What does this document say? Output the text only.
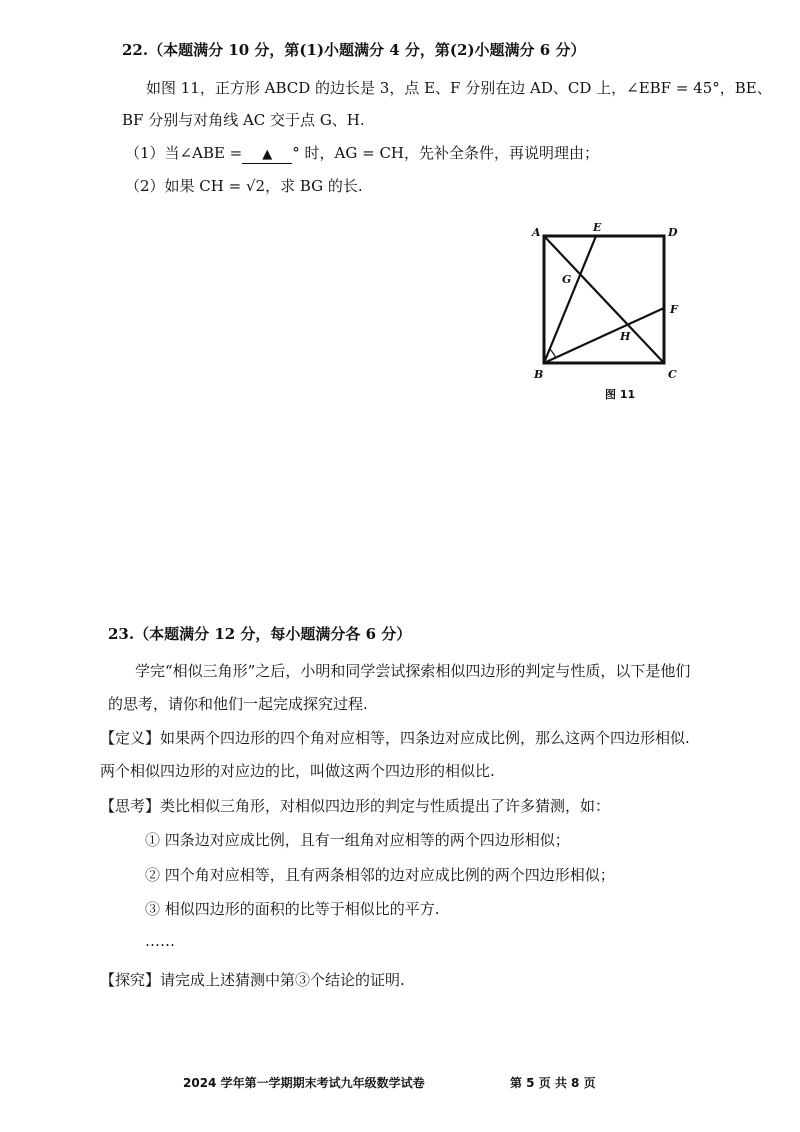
22.（本题满分 10 分，第(1)小题满分 4 分，第(2)小题满分 6 分）
如图 11，正方形 ABCD 的边长是 3，点 E、F 分别在边 AD、CD 上，∠EBF = 45°，BE、
BF 分别与对角线 AC 交于点 G、H.
（1）当∠ABE = ▲ ° 时，AG = CH，先补全条件，再说明理由；
（2）如果 CH = √2，求 BG 的长.
A	E	D
G
F
H
B	C
图 11
23.（本题满分 12 分，每小题满分各 6 分）
学完“相似三角形”之后，小明和同学尝试探索相似四边形的判定与性质，以下是他们
的思考，请你和他们一起完成探究过程.
【定义】如果两个四边形的四个角对应相等，四条边对应成比例，那么这两个四边形相似.
两个相似四边形的对应边的比，叫做这两个四边形的相似比.
【思考】类比相似三角形，对相似四边形的判定与性质提出了许多猜测，如：
① 四条边对应成比例，且有一组角对应相等的两个四边形相似；
② 四个角对应相等，且有两条相邻的边对应成比例的两个四边形相似；
③ 相似四边形的面积的比等于相似比的平方.
……
【探究】请完成上述猜测中第③个结论的证明.
2024 学年第一学期期末考试九年级数学试卷	第 5 页 共 8 页
